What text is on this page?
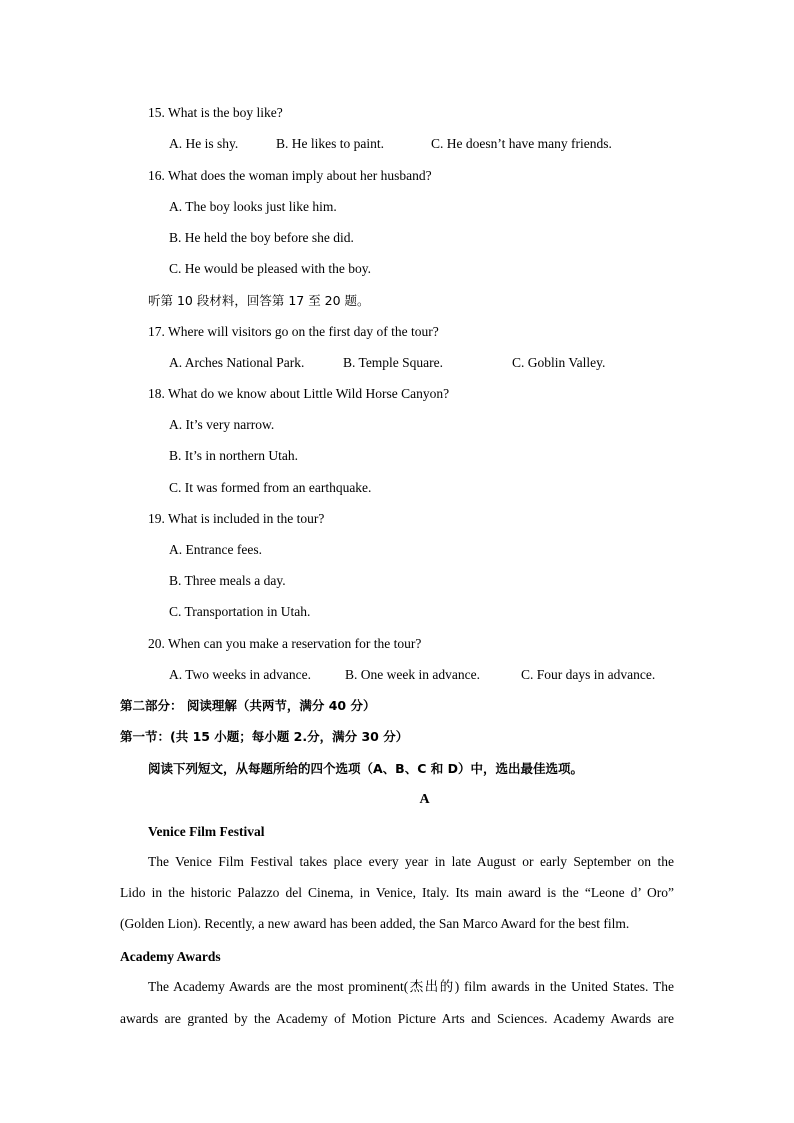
15. What is the boy like?
A. He is shy.	B. He likes to paint.	C. He doesn’t have many friends.
16. What does the woman imply about her husband?
A. The boy looks just like him.
B. He held the boy before she did.
C. He would be pleased with the boy.
听第 10 段材料，回答第 17 至 20 题。
17. Where will visitors go on the first day of the tour?
A. Arches National Park.	B. Temple Square.	C. Goblin Valley.
18. What do we know about Little Wild Horse Canyon?
A. It’s very narrow.
B. It’s in northern Utah.
C. It was formed from an earthquake.
19. What is included in the tour?
A. Entrance fees.
B. Three meals a day.
C. Transportation in Utah.
20. When can you make a reservation for the tour?
A. Two weeks in advance.	B. One week in advance.	C. Four days in advance.
第二部分： 阅读理解（共两节，满分 40 分）
第一节：(共 15 小题；每小题 2.分，满分 30 分）
阅读下列短文，从每题所给的四个选项（A、B、C 和 D）中，选出最佳选项。
A
Venice Film Festival
The Venice Film Festival takes place every year in late August or early September on the
Lido in the historic Palazzo del Cinema, in Venice, Italy. Its main award is the “Leone d’ Oro”
(Golden Lion). Recently, a new award has been added, the San Marco Award for the best film.
Academy Awards
The Academy Awards are the most prominent(杰出的) film awards in the United States. The
awards are granted by the Academy of Motion Picture Arts and Sciences. Academy Awards are
